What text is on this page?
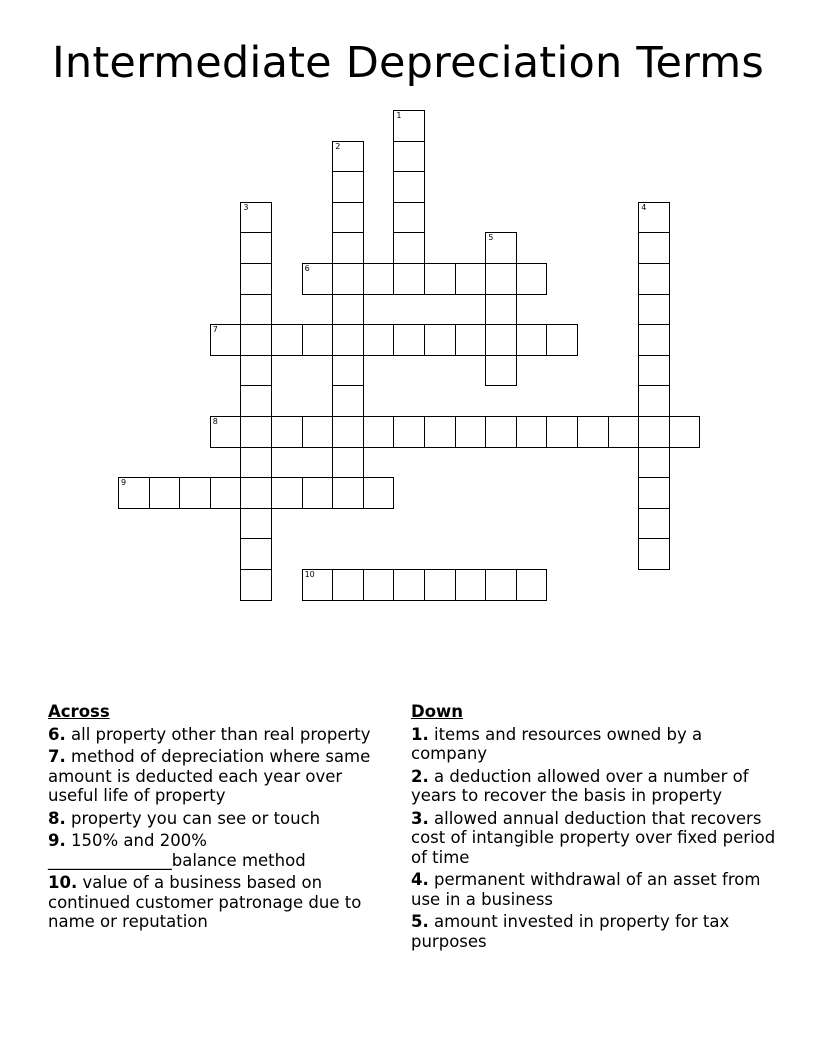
Intermediate Depreciation Terms
1
2
3	4
5
6
7
8
9
10
Across
6. all property other than real property
7. method of depreciation where same amount is deducted each year over useful life of property
8. property you can see or touch
9. 150% and 200% _______________balance method
10. value of a business based on continued customer patronage due to name or reputation
Down
1. items and resources owned by a company
2. a deduction allowed over a number of years to recover the basis in property
3. allowed annual deduction that recovers cost of intangible property over fixed period of time
4. permanent withdrawal of an asset from use in a business
5. amount invested in property for tax purposes
